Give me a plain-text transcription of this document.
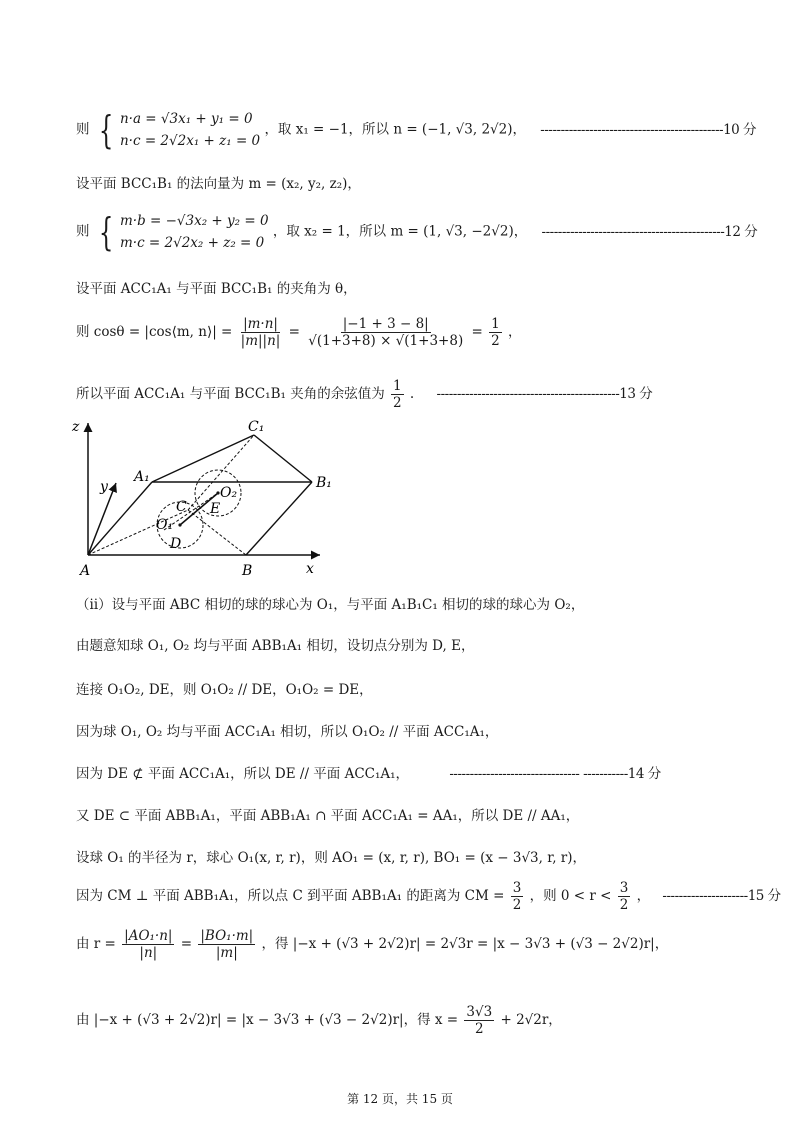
则 { n·a = √3x₁ + y₁ = 0
n·c = 2√2x₁ + z₁ = 0
，取 x₁ = −1，所以 n = (−1, √3, 2√2)， ---------------------------------------------10 分
设平面 BCC₁B₁ 的法向量为 m = (x₂, y₂, z₂)，
则 { m·b = −√3x₂ + y₂ = 0
m·c = 2√2x₂ + z₂ = 0
，取 x₂ = 1，所以 m = (1, √3, −2√2)， ---------------------------------------------12 分
设平面 ACC₁A₁ 与平面 BCC₁B₁ 的夹角为 θ，
则 cosθ = |cos⟨m, n⟩| = $\frac{|m\cdot n|}{|m||n|} = \frac{|-1 + 3 - 8|}{√(1+3+8) \times √(1+3+8)} = \frac{1}{2}$ ，
所以平面 ACC₁A₁ 与平面 BCC₁B₁ 夹角的余弦值为 $\frac{1}{2}$ . ---------------------------------------------13 分
z
y
x
A	B
C
D
E
A₁	B₁
C₁
O₁
O₂
（ⅱ）设与平面 ABC 相切的球的球心为 O₁，与平面 A₁B₁C₁ 相切的球的球心为 O₂，
由题意知球 O₁, O₂ 均与平面 ABB₁A₁ 相切，设切点分别为 D, E，
连接 O₁O₂, DE，则 O₁O₂ // DE，O₁O₂ = DE，
因为球 O₁, O₂ 均与平面 ACC₁A₁ 相切，所以 O₁O₂ // 平面 ACC₁A₁，
因为 DE ⊄ 平面 ACC₁A₁，所以 DE // 平面 ACC₁A₁，	-------------------------------- -----------14 分
又 DE ⊂ 平面 ABB₁A₁，平面 ABB₁A₁ ∩ 平面 ACC₁A₁ = AA₁，所以 DE // AA₁，
设球 O₁ 的半径为 r，球心 O₁(x, r, r)，则 AO₁ = (x, r, r), BO₁ = (x − 3√3, r, r)，
因为 CM ⊥ 平面 ABB₁A₁，所以点 C 到平面 ABB₁A₁ 的距离为 CM = $\frac{3}{2}$ ，则 $0 < r < \frac{3}{2}$ ， ---------------------15 分
由 $r = \frac{\text{|AO₁·n|}}{|n|} = \frac{\text{|BO₁·m|}}{|m|}$ ，得 |−x + (√3 + 2√2)r| = 2√3r = |x − 3√3 + (√3 − 2√2)r|，
由 |−x + (√3 + 2√2)r| = |x − 3√3 + (√3 − 2√2)r|，得 $x = \frac{3√3}{2} + 2√2r$，
第 12 页，共 15 页
